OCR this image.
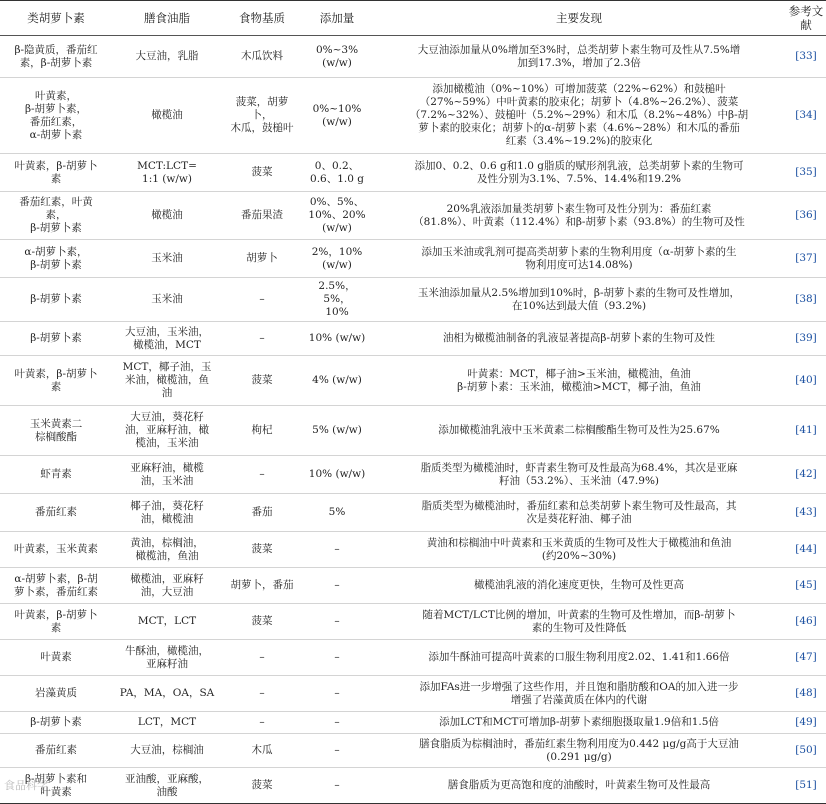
类胡萝卜素	膳食油脂	食物基质	添加量	主要发现	参考文
献
β-隐黄质，番茄红
素，β-胡萝卜素	大豆油，乳脂	木瓜饮料	0%~3%
(w/w)	大豆油添加量从0%增加至3%时，总类胡萝卜素生物可及性从7.5%增
加到17.3%，增加了2.3倍	[33]
叶黄素，
β-胡萝卜素，
番茄红素，
α-胡萝卜素	橄榄油	菠菜，胡萝
卜，
木瓜，鼓槌叶	0%~10%
(w/w)	添加橄榄油（0%~10%）可增加菠菜（22%~62%）和鼓槌叶
（27%~59%）中叶黄素的胶束化；胡萝卜（4.8%~26.2%）、菠菜
（7.2%~32%）、鼓槌叶（5.2%~29%）和木瓜（8.2%~48%）中β-胡
萝卜素的胶束化；胡萝卜的α-胡萝卜素（4.6%~28%）和木瓜的番茄
红素（3.4%~19.2%)的胶束化	[34]
叶黄素，β-胡萝卜
素	MCT:LCT=
1:1 (w/w)	菠菜	0、0.2、
0.6、1.0 g	添加0、0.2、0.6 g和1.0 g脂质的赋形剂乳液，总类胡萝卜素的生物可
及性分别为3.1%、7.5%、14.4%和19.2%	[35]
番茄红素，叶黄
素，
β-胡萝卜素	橄榄油	番茄果渣	0%、5%、
10%、20%
(w/w)	20%乳液添加量类胡萝卜素生物可及性分别为：番茄红素
（81.8%）、叶黄素（112.4%）和β-胡萝卜素（93.8%）的生物可及性	[36]
α-胡萝卜素，
β-胡萝卜素	玉米油	胡萝卜	2%，10%
(w/w)	添加玉米油或乳剂可提高类胡萝卜素的生物利用度（α-胡萝卜素的生
物利用度可达14.08%)	[37]
β-胡萝卜素	玉米油	–	2.5%，5%，
10%	玉米油添加量从2.5%增加到10%时，β-胡萝卜素的生物可及性增加，
在10%达到最大值（93.2%)	[38]
β-胡萝卜素	大豆油，玉米油，
橄榄油，MCT	–	10% (w/w)	油相为橄榄油制备的乳液显著提高β-胡萝卜素的生物可及性	[39]
叶黄素，β-胡萝卜
素	MCT，椰子油，玉
米油，橄榄油，鱼
油	菠菜	4% (w/w)	叶黄素：MCT，椰子油>玉米油，橄榄油，鱼油
β-胡萝卜素：玉米油，橄榄油>MCT，椰子油，鱼油	[40]
玉米黄素二
棕榈酸酯	大豆油，葵花籽
油，亚麻籽油，橄
榄油，玉米油	枸杞	5% (w/w)	添加橄榄油乳液中玉米黄素二棕榈酸酯生物可及性为25.67%	[41]
虾青素	亚麻籽油，橄榄
油，玉米油	–	10% (w/w)	脂质类型为橄榄油时，虾青素生物可及性最高为68.4%，其次是亚麻
籽油（53.2%）、玉米油（47.9%)	[42]
番茄红素	椰子油，葵花籽
油，橄榄油	番茄	5%	脂质类型为橄榄油时，番茄红素和总类胡萝卜素生物可及性最高，其
次是葵花籽油、椰子油	[43]
叶黄素，玉米黄素	黄油，棕榈油，
橄榄油，鱼油	菠菜	–	黄油和棕榈油中叶黄素和玉米黄质的生物可及性大于橄榄油和鱼油
(约20%~30%)	[44]
α-胡萝卜素，β-胡
萝卜素，番茄红素	橄榄油，亚麻籽
油，大豆油	胡萝卜，番茄	–	橄榄油乳液的消化速度更快，生物可及性更高	[45]
叶黄素，β-胡萝卜
素	MCT，LCT	菠菜	–	随着MCT/LCT比例的增加，叶黄素的生物可及性增加，而β-胡萝卜
素的生物可及性降低	[46]
叶黄素	牛酥油，橄榄油，
亚麻籽油	–	–	添加牛酥油可提高叶黄素的口服生物利用度2.02、1.41和1.66倍	[47]
岩藻黄质	PA，MA，OA，SA	–	–	添加FAs进一步增强了这些作用，并且饱和脂肪酸和OA的加入进一步
增强了岩藻黄质在体内的代谢	[48]
β-胡萝卜素	LCT，MCT	–	–	添加LCT和MCT可增加β-胡萝卜素细胞摄取量1.9倍和1.5倍	[49]
番茄红素	大豆油，棕榈油	木瓜	–	膳食脂质为棕榈油时，番茄红素生物利用度为0.442 μg/g高于大豆油
(0.291 μg/g)	[50]
β-胡萝卜素和
叶黄素	亚油酸，亚麻酸，
油酸	菠菜	–	膳食脂质为更高饱和度的油酸时，叶黄素生物可及性最高	[51]
食品科学
